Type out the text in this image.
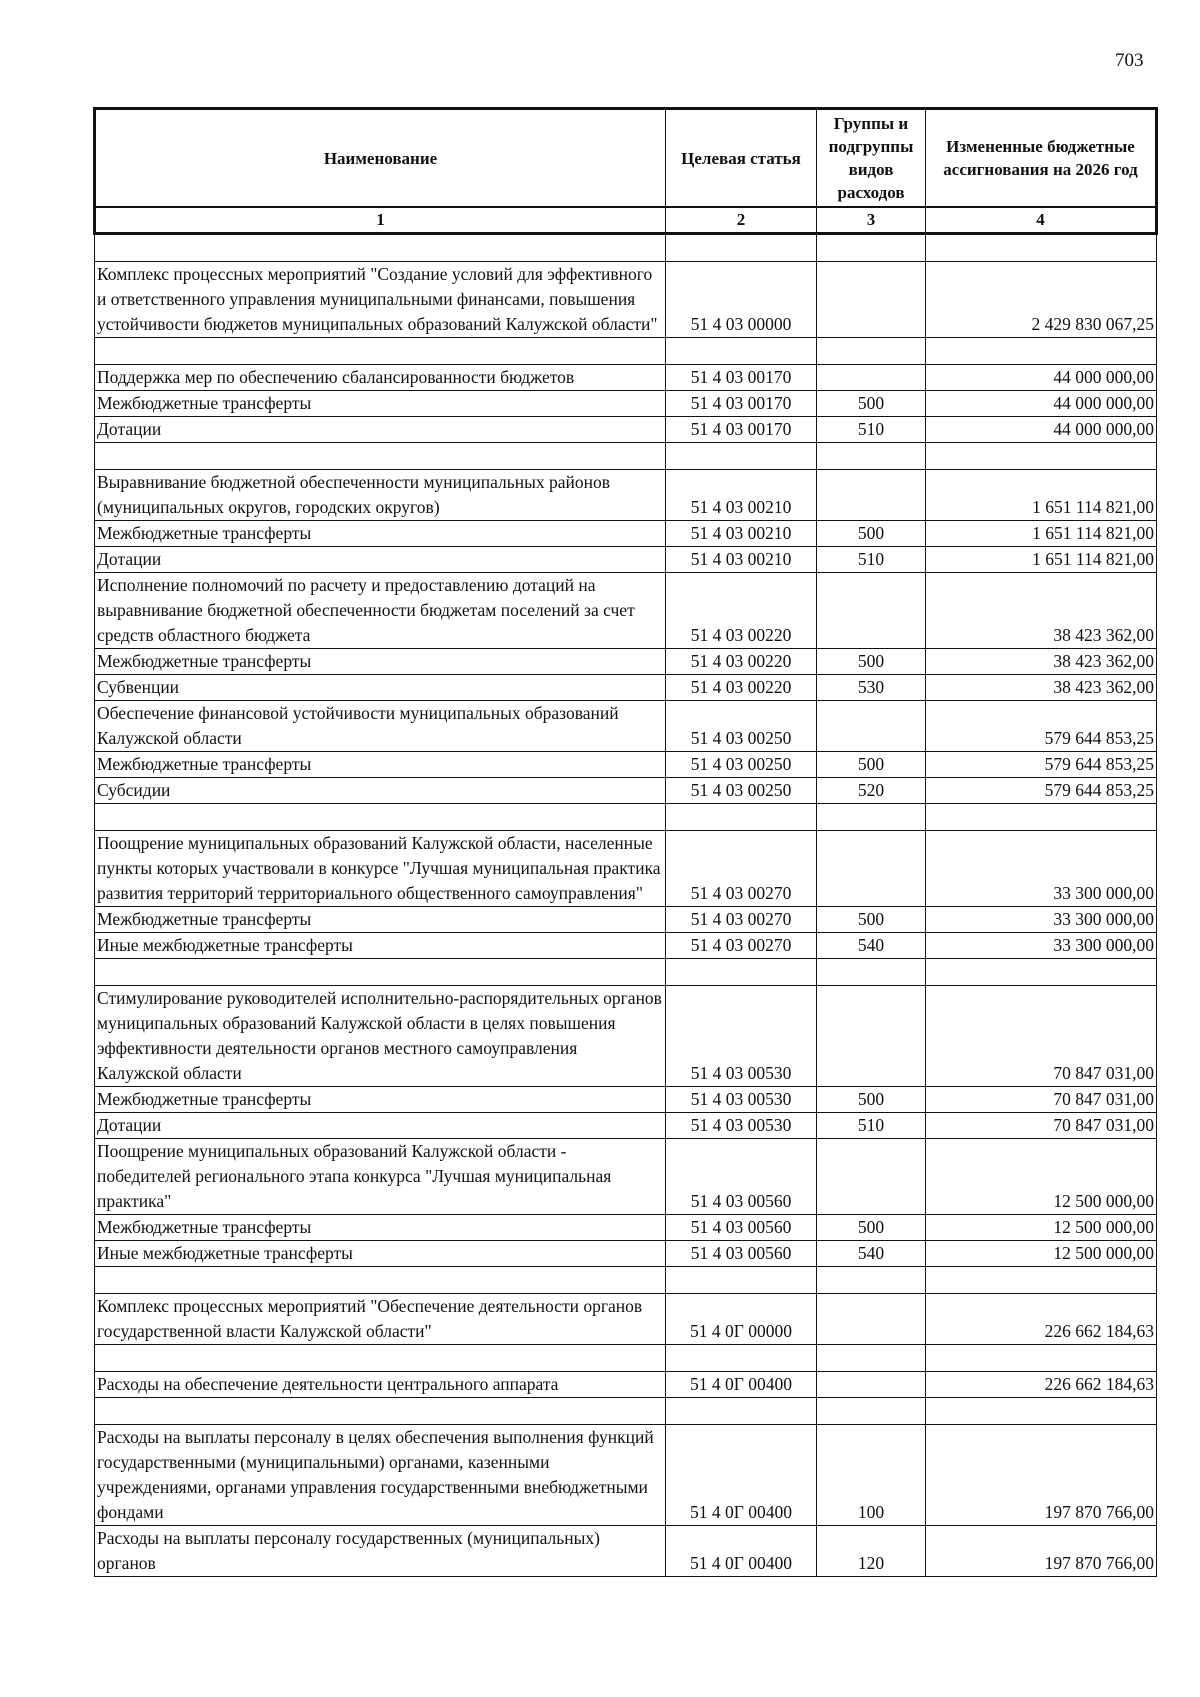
703
Наименование	Целевая статья	Группы и подгруппы видов расходов	Измененные бюджетные ассигнования на 2026 год
1	2	3	4

Комплекс процессных мероприятий "Создание условий для эффективного и ответственного управления муниципальными финансами, повышения устойчивости бюджетов муниципальных образований Калужской области"	51 4 03 00000		2 429 830 067,25

Поддержка мер по обеспечению сбалансированности бюджетов	51 4 03 00170		44 000 000,00
Межбюджетные трансферты	51 4 03 00170	500	44 000 000,00
Дотации	51 4 03 00170	510	44 000 000,00

Выравнивание бюджетной обеспеченности муниципальных районов (муниципальных округов, городских округов)	51 4 03 00210		1 651 114 821,00
Межбюджетные трансферты	51 4 03 00210	500	1 651 114 821,00
Дотации	51 4 03 00210	510	1 651 114 821,00
Исполнение полномочий по расчету и предоставлению дотаций на выравнивание бюджетной обеспеченности бюджетам поселений за счет средств областного бюджета	51 4 03 00220		38 423 362,00
Межбюджетные трансферты	51 4 03 00220	500	38 423 362,00
Субвенции	51 4 03 00220	530	38 423 362,00
Обеспечение финансовой устойчивости муниципальных образований Калужской области	51 4 03 00250		579 644 853,25
Межбюджетные трансферты	51 4 03 00250	500	579 644 853,25
Субсидии	51 4 03 00250	520	579 644 853,25

Поощрение муниципальных образований Калужской области, населенные пункты которых участвовали в конкурсе "Лучшая муниципальная практика развития территорий территориального общественного самоуправления"	51 4 03 00270		33 300 000,00
Межбюджетные трансферты	51 4 03 00270	500	33 300 000,00
Иные межбюджетные трансферты	51 4 03 00270	540	33 300 000,00

Стимулирование руководителей исполнительно-распорядительных органов муниципальных образований Калужской области в целях повышения эффективности деятельности органов местного самоуправления Калужской области	51 4 03 00530		70 847 031,00
Межбюджетные трансферты	51 4 03 00530	500	70 847 031,00
Дотации	51 4 03 00530	510	70 847 031,00
Поощрение муниципальных образований Калужской области - победителей регионального этапа конкурса "Лучшая муниципальная практика"	51 4 03 00560		12 500 000,00
Межбюджетные трансферты	51 4 03 00560	500	12 500 000,00
Иные межбюджетные трансферты	51 4 03 00560	540	12 500 000,00

Комплекс процессных мероприятий "Обеспечение деятельности органов государственной власти Калужской области"	51 4 0Г 00000		226 662 184,63

Расходы на обеспечение деятельности центрального аппарата	51 4 0Г 00400		226 662 184,63

Расходы на выплаты персоналу в целях обеспечения выполнения функций государственными (муниципальными) органами, казенными учреждениями, органами управления государственными внебюджетными фондами	51 4 0Г 00400	100	197 870 766,00
Расходы на выплаты персоналу государственных (муниципальных) органов	51 4 0Г 00400	120	197 870 766,00
